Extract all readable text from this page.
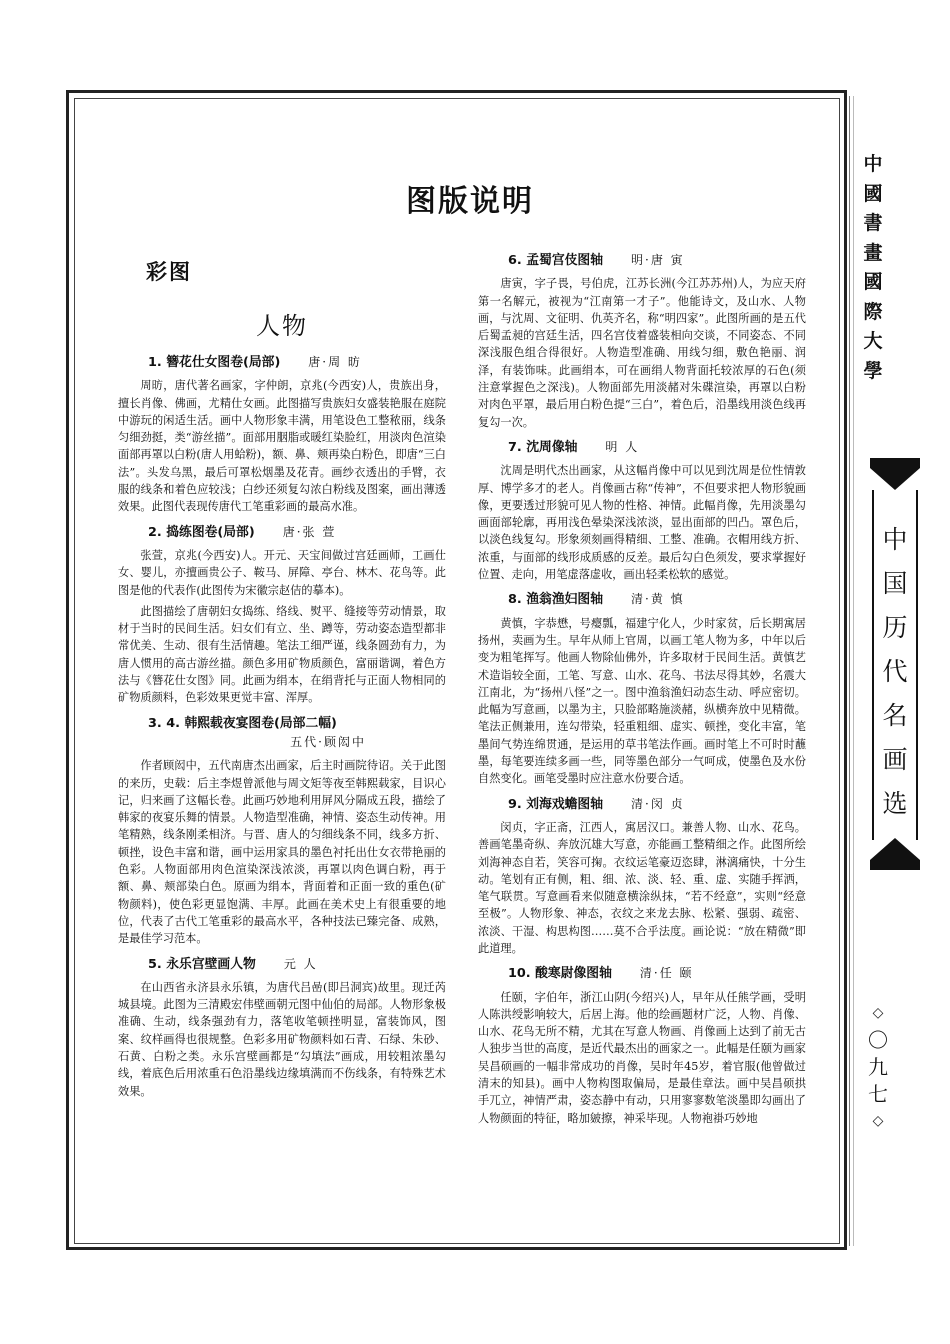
图版说明
彩图
人物
1. 簪花仕女图卷(局部) 唐·周 昉

周昉，唐代著名画家，字仲朗，京兆(今西安)人，贵族出身，擅长肖像、佛画，尤精仕女画。此图描写贵族妇女盛装艳服在庭院中游玩的闲适生活。画中人物形象丰满，用笔设色工整秾丽，线条匀细劲挺，类“游丝描”。面部用胭脂或暖红染脸红，用淡肉色渲染面部再罩以白粉(唐人用蛤粉)，额、鼻、颊再染白粉色，即唐“三白法”。头发乌黑，最后可罩松烟墨及花青。画纱衣透出的手臂，衣服的线条和着色应较浅；白纱还须复勾浓白粉线及图案，画出薄透效果。此图代表现传唐代工笔重彩画的最高水准。

2. 捣练图卷(局部) 唐·张 萱

张萱，京兆(今西安)人。开元、天宝间做过宫廷画师，工画仕女、婴儿，亦擅画贵公子、鞍马、屏障、亭台、林木、花鸟等。此图是他的代表作(此图传为宋徽宗赵佶的摹本)。

此图描绘了唐朝妇女捣练、络线、熨平、缝接等劳动情景，取材于当时的民间生活。妇女们有立、坐、蹲等，劳动姿态造型都非常优美、生动、很有生活情趣。笔法工细严谨，线条圆劲有力，为唐人惯用的高古游丝描。颜色多用矿物质颜色，富丽谐调，着色方法与《簪花仕女图》同。此画为绢本，在绢背托与正面人物相同的矿物质颜料，色彩效果更觉丰富、浑厚。

3. 4. 韩熙载夜宴图卷(局部二幅)
五代·顾闳中

作者顾闳中，五代南唐杰出画家，后主时画院待诏。关于此图的来历，史载：后主李煜曾派他与周文矩等夜至韩熙载家，目识心记，归来画了这幅长卷。此画巧妙地利用屏风分隔成五段，描绘了韩家的夜宴乐舞的情景。人物造型准确，神情、姿态生动传神。用笔精熟，线条刚柔相济。与晋、唐人的匀细线条不同，线多方折、顿挫，设色丰富和谐，画中运用家具的墨色衬托出仕女衣带艳丽的色彩。人物面部用肉色渲染深浅浓淡，再罩以肉色调白粉，再于额、鼻、颊部染白色。原画为绢本，背面着和正面一致的重色(矿物颜料)，使色彩更显饱满、丰厚。此画在美术史上有很重要的地位，代表了古代工笔重彩的最高水平，各种技法已臻完备、成熟，是最佳学习范本。

5. 永乐宫壁画人物 元 人

在山西省永济县永乐镇，为唐代吕喦(即吕洞宾)故里。现迁芮城县境。此图为三清殿宏伟壁画朝元图中仙伯的局部。人物形象极准确、生动，线条强劲有力，落笔收笔顿挫明显，富装饰风，图案、纹样画得也很规整。色彩多用矿物颜料如石青、石绿、朱砂、石黄、白粉之类。永乐宫壁画都是“勾填法”画成，用较粗浓墨勾线，着底色后用浓重石色沿墨线边缘填满而不伤线条，有特殊艺术效果。

6. 孟蜀宫伎图轴 明·唐 寅

唐寅，字子畏，号伯虎，江苏长洲(今江苏苏州)人，为应天府第一名解元，被视为“江南第一才子”。他能诗文，及山水、人物画，与沈周、文征明、仇英齐名，称“明四家”。此图所画的是五代后蜀孟昶的宫廷生活，四名宫伎着盛装相向交谈，不同姿态、不同深浅服色组合得很好。人物造型准确、用线匀细，敷色艳丽、润泽，有装饰味。此画绢本，可在画绢人物背面托较浓厚的石色(须注意掌握色之深浅)。人物面部先用淡赭对朱碟渲染，再罩以白粉对肉色平罩，最后用白粉色提“三白”，着色后，沿墨线用淡色线再复勾一次。

7. 沈周像轴 明 人

沈周是明代杰出画家，从这幅肖像中可以见到沈周是位性情敦厚、博学多才的老人。肖像画古称“传神”，不但要求把人物形貌画像，更要透过形貌可见人物的性格、神情。此幅肖像，先用淡墨勾画面部轮廓，再用浅色晕染深浅浓淡，显出面部的凹凸。罩色后，以淡色线复勾。形象须刻画得精细、工整、准确。衣帽用线方折、浓重，与面部的线形成质感的反差。最后勾白色须发，要求掌握好位置、走向，用笔虚落虚收，画出轻柔松软的感觉。

8. 渔翁渔妇图轴 清·黄 慎

黄慎，字恭懋，号瘿瓢，福建宁化人，少时家贫，后长期寓居扬州，卖画为生。早年从师上官周，以画工笔人物为多，中年以后变为粗笔挥写。他画人物除仙佛外，许多取材于民间生活。黄慎艺术造诣较全面，工笔、写意、山水、花鸟、书法尽得其妙，名震大江南北，为“扬州八怪”之一。图中渔翁渔妇动态生动、呼应密切。此幅为写意画，以墨为主，只脸部略施淡赭，纵横奔放中见精微。笔法正侧兼用，连勾带染，轻重粗细、虚实、顿挫，变化丰富，笔墨间气势连绵贯通，是运用的草书笔法作画。画时笔上不可时时蘸墨，每笔要连续多画一些，同等墨色部分一气呵成，使墨色及水份自然变化。画笔受墨时应注意水份要合适。

9. 刘海戏蟾图轴 清·闵 贞

闵贞，字正斋，江西人，寓居汉口。兼善人物、山水、花鸟。善画笔墨奇纵、奔放沉雄大写意，亦能画工整精细之作。此图所绘刘海神态自若，笑容可掬。衣纹运笔豪迈恣肆，淋漓痛快，十分生动。笔划有正有侧，粗、细、浓、淡、轻、重、虚、实随手挥洒，笔气联贯。写意画看来似随意横涂纵抹，“若不经意”，实则“经意至极”。人物形象、神态，衣纹之来龙去脉、松紧、强弱、疏密、浓淡、干湿、构思构图……莫不合乎法度。画论说：“放在精微”即此道理。

10. 酸寒尉像图轴 清·任 颐

任颐，字伯年，浙江山阴(今绍兴)人，早年从任熊学画，受明人陈洪绶影响较大，后居上海。他的绘画题材广泛，人物、肖像、山水、花鸟无所不精，尤其在写意人物画、肖像画上达到了前无古人独步当世的高度，是近代最杰出的画家之一。此幅是任颐为画家吴昌硕画的一幅非常成功的肖像，吴时年45岁，着官服(他曾做过清末的知县)。画中人物构图取偏局，是最佳章法。画中吴昌硕拱手兀立，神情严肃，姿态静中有动，只用寥寥数笔淡墨即勾画出了人物颜面的特征，略加皴擦，神采毕现。人物袍褂巧妙地

中
國
書
畫
國
際
大
學
中
国
历
代
名
画
选
◇
〇
九
七
◇
